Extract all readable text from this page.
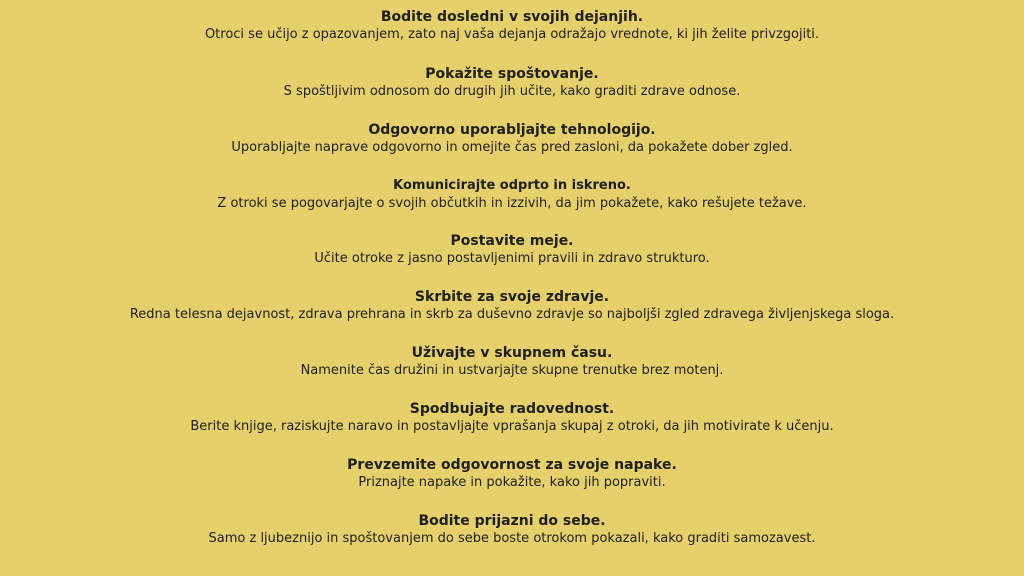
Bodite dosledni v svojih dejanjih.
Otroci se učijo z opazovanjem, zato naj vaša dejanja odražajo vrednote, ki jih želite privzgojiti.
Pokažite spoštovanje.
S spoštljivim odnosom do drugih jih učite, kako graditi zdrave odnose.
Odgovorno uporabljajte tehnologijo.
Uporabljajte naprave odgovorno in omejite čas pred zasloni, da pokažete dober zgled.
Komunicirajte odprto in iskreno.
Z otroki se pogovarjajte o svojih občutkih in izzivih, da jim pokažete, kako rešujete težave.
Postavite meje.
Učite otroke z jasno postavljenimi pravili in zdravo strukturo.
Skrbite za svoje zdravje.
Redna telesna dejavnost, zdrava prehrana in skrb za duševno zdravje so najboljši zgled zdravega življenjskega sloga.
Uživajte v skupnem času.
Namenite čas družini in ustvarjajte skupne trenutke brez motenj.
Spodbujajte radovednost.
Berite knjige, raziskujte naravo in postavljajte vprašanja skupaj z otroki, da jih motivirate k učenju.
Prevzemite odgovornost za svoje napake.
Priznajte napake in pokažite, kako jih popraviti.
Bodite prijazni do sebe.
Samo z ljubeznijo in spoštovanjem do sebe boste otrokom pokazali, kako graditi samozavest.
